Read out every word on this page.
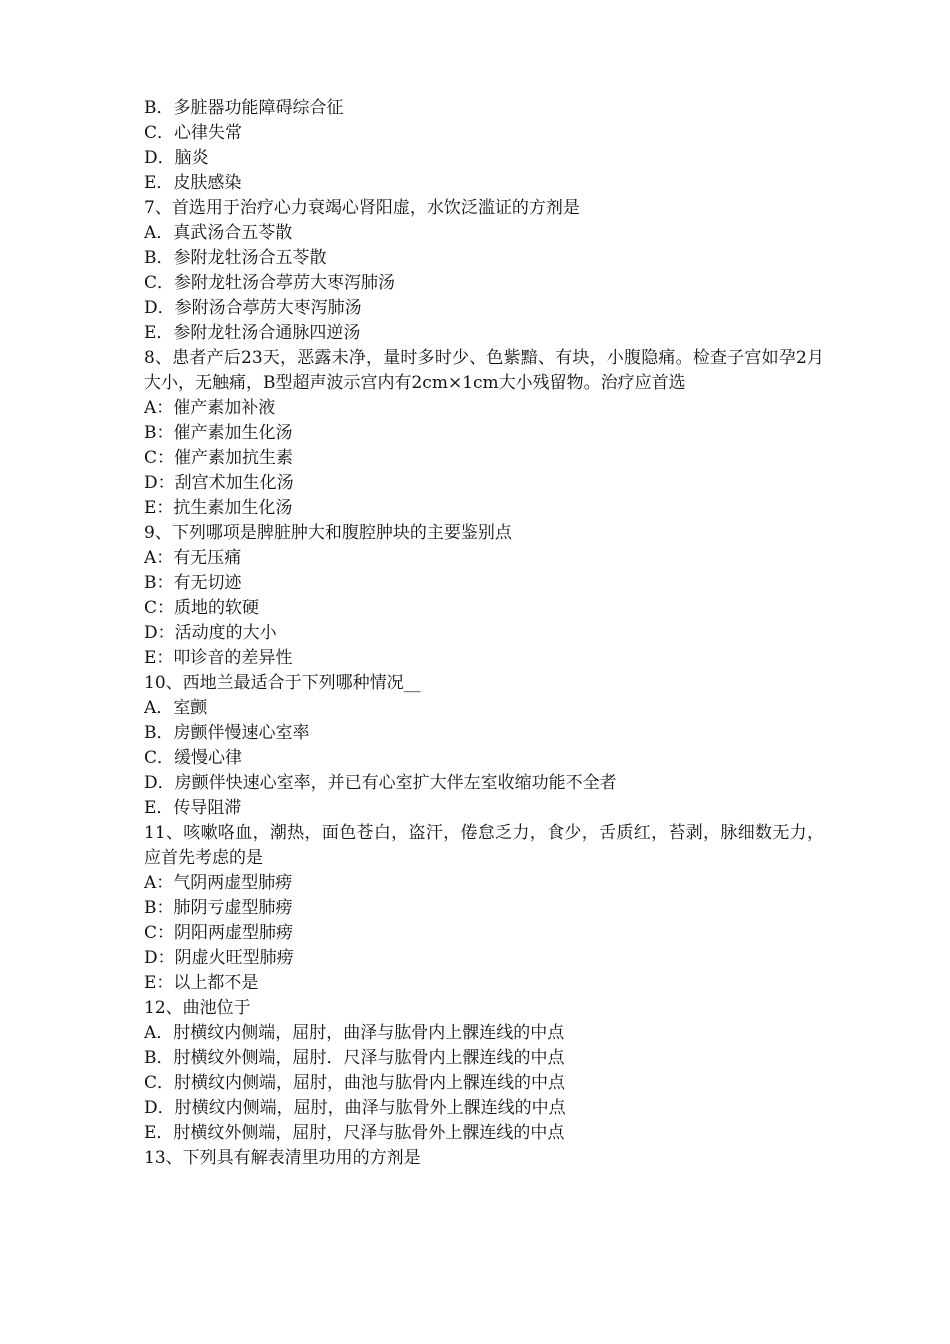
B．多脏器功能障碍综合征
C．心律失常
D．脑炎
E．皮肤感染
7、首选用于治疗心力衰竭心肾阳虚，水饮泛滥证的方剂是
A．真武汤合五苓散
B．参附龙牡汤合五苓散
C．参附龙牡汤合葶苈大枣泻肺汤
D．参附汤合葶苈大枣泻肺汤
E．参附龙牡汤合通脉四逆汤
8、患者产后23天，恶露未净，量时多时少、色紫黯、有块，小腹隐痛。检查子宫如孕2月大小，无触痛，B型超声波示宫内有2cm×1cm大小残留物。治疗应首选
A：催产素加补液
B：催产素加生化汤
C：催产素加抗生素
D：刮宫术加生化汤
E：抗生素加生化汤
9、下列哪项是脾脏肿大和腹腔肿块的主要鉴别点
A：有无压痛
B：有无切迹
C：质地的软硬
D：活动度的大小
E：叩诊音的差异性
10、西地兰最适合于下列哪种情况__
A．室颤
B．房颤伴慢速心室率
C．缓慢心律
D．房颤伴快速心室率，并已有心室扩大伴左室收缩功能不全者
E．传导阻滞
11、咳嗽咯血，潮热，面色苍白，盗汗，倦怠乏力，食少，舌质红，苔剥，脉细数无力，应首先考虑的是
A：气阴两虚型肺痨
B：肺阴亏虚型肺痨
C：阴阳两虚型肺痨
D：阴虚火旺型肺痨
E：以上都不是
12、曲池位于
A．肘横纹内侧端，屈肘，曲泽与肱骨内上髁连线的中点
B．肘横纹外侧端，屈肘．尺泽与肱骨内上髁连线的中点
C．肘横纹内侧端，屈肘，曲池与肱骨内上髁连线的中点
D．肘横纹内侧端，屈肘，曲泽与肱骨外上髁连线的中点
E．肘横纹外侧端，屈肘，尺泽与肱骨外上髁连线的中点
13、下列具有解表清里功用的方剂是
